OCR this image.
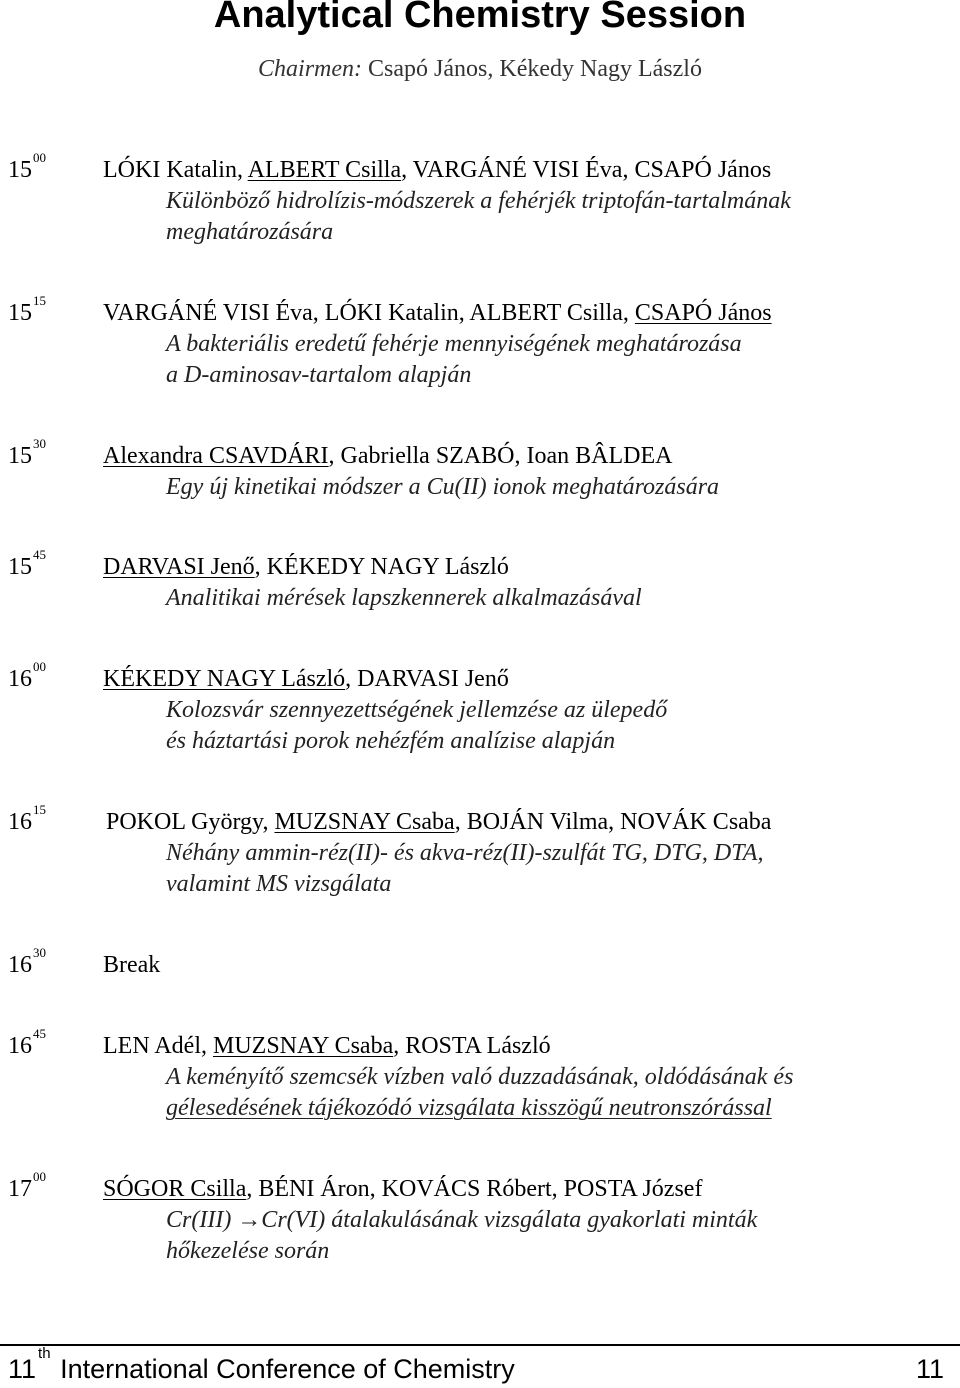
Analytical Chemistry Session
Chairmen: Csapó János, Kékedy Nagy László
$15^{00}$ LÓKI Katalin, ALBERT Csilla, VARGÁNÉ VISI Éva, CSAPÓ János
Különböző hidrolízis-módszerek a fehérjék triptofán-tartalmának
meghatározására
$15^{15}$ VARGÁNÉ VISI Éva, LÓKI Katalin, ALBERT Csilla, CSAPÓ János
A bakteriális eredetű fehérje mennyiségének meghatározása
a D-aminosav-tartalom alapján
$15^{30}$ Alexandra CSAVDÁRI, Gabriella SZABÓ, Ioan BÂLDEA
Egy új kinetikai módszer a Cu(II) ionok meghatározására
$15^{45}$ DARVASI Jenő, KÉKEDY NAGY László
Analitikai mérések lapszkennerek alkalmazásával
$16^{00}$ KÉKEDY NAGY László, DARVASI Jenő
Kolozsvár szennyezettségének jellemzése az ülepedő
és háztartási porok nehézfém analízise alapján
$16^{15}$	POKOL György, MUZSNAY Csaba, BOJÁN Vilma, NOVÁK Csaba
Néhány ammin-réz(II)- és akva-réz(II)-szulfát TG, DTG, DTA,
valamint MS vizsgálata
$16^{30}$ Break
$16^{45}$ LEN Adél, MUZSNAY Csaba, ROSTA László
A keményítő szemcsék vízben való duzzadásának, oldódásának és
gélesedésének tájékozódó vizsgálata kisszögű neutronszórással
$17^{00}$ SÓGOR Csilla, BÉNI Áron, KOVÁCS Róbert, POSTA József
Cr(III) →Cr(VI) átalakulásának vizsgálata gyakorlati minták
hőkezelése során
11th International Conference of Chemistry	11
